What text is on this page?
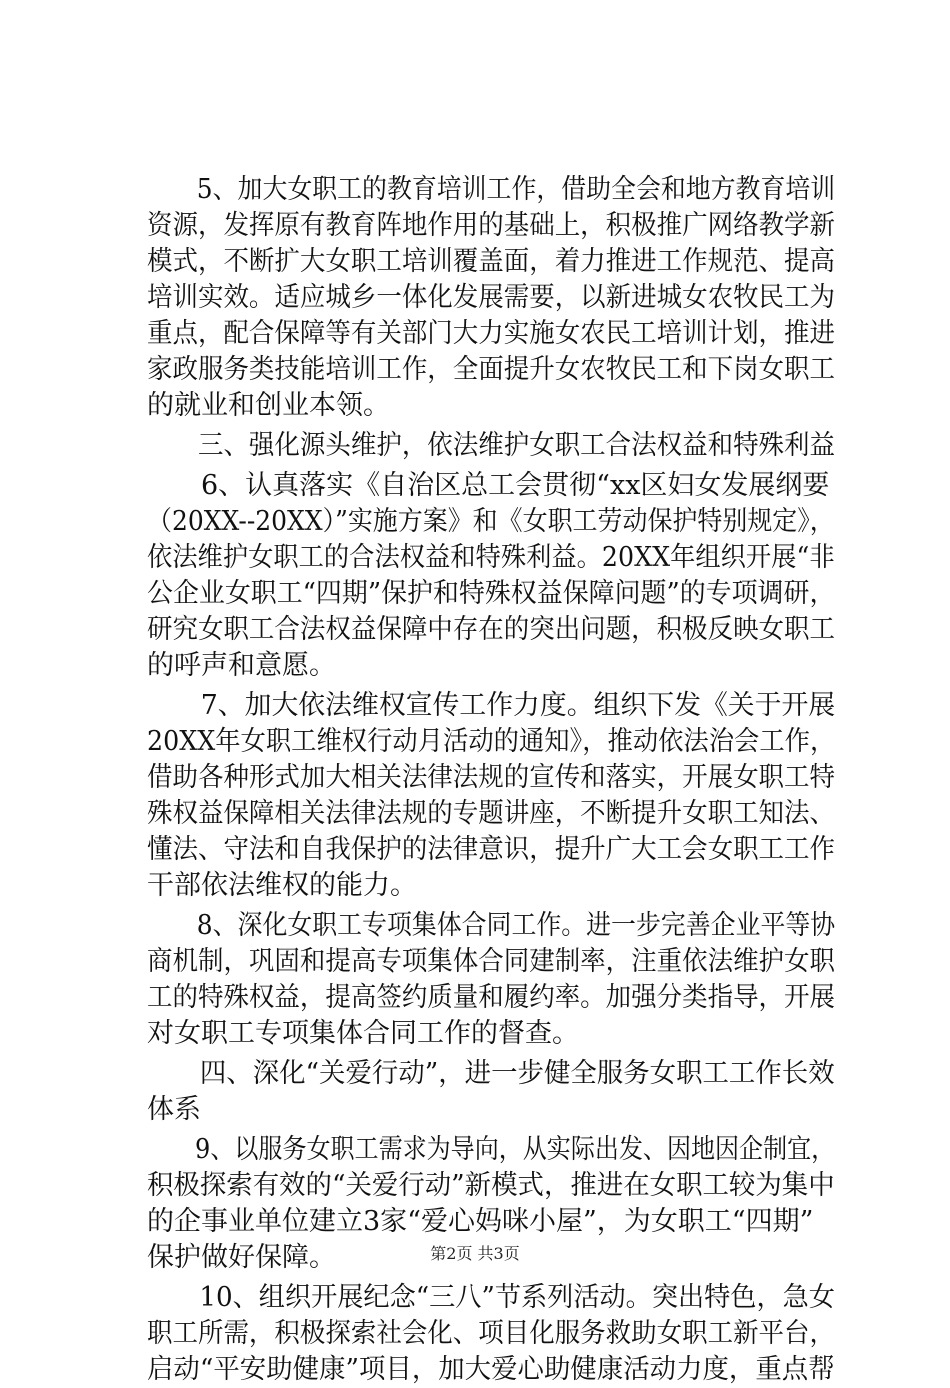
　　5、加大女职工的教育培训工作，借助全会和地方教育培训
资源，发挥原有教育阵地作用的基础上，积极推广网络教学新
模式，不断扩大女职工培训覆盖面，着力推进工作规范、提高
培训实效。适应城乡一体化发展需要，以新进城女农牧民工为
重点，配合保障等有关部门大力实施女农民工培训计划，推进
家政服务类技能培训工作，全面提升女农牧民工和下岗女职工
的就业和创业本领。
　　三、强化源头维护，依法维护女职工合法权益和特殊利益
　　6、认真落实《自治区总工会贯彻“xx区妇女发展纲要
（20XX--20XX）”实施方案》和《女职工劳动保护特别规定》，
依法维护女职工的合法权益和特殊利益。20XX年组织开展“非
公企业女职工“四期”保护和特殊权益保障问题”的专项调研，
研究女职工合法权益保障中存在的突出问题，积极反映女职工
的呼声和意愿。
　　7、加大依法维权宣传工作力度。组织下发《关于开展
20XX年女职工维权行动月活动的通知》，推动依法治会工作，
借助各种形式加大相关法律法规的宣传和落实，开展女职工特
殊权益保障相关法律法规的专题讲座，不断提升女职工知法、
懂法、守法和自我保护的法律意识，提升广大工会女职工工作
干部依法维权的能力。
　　8、深化女职工专项集体合同工作。进一步完善企业平等协
商机制，巩固和提高专项集体合同建制率，注重依法维护女职
工的特殊权益，提高签约质量和履约率。加强分类指导，开展
对女职工专项集体合同工作的督查。
　　四、深化“关爱行动”，进一步健全服务女职工工作长效
体系
　　9、以服务女职工需求为导向，从实际出发、因地因企制宜，
积极探索有效的“关爱行动”新模式，推进在女职工较为集中
的企事业单位建立3家“爱心妈咪小屋”，为女职工“四期”
保护做好保障。
　　10、组织开展纪念“三八”节系列活动。突出特色，急女
职工所需，积极探索社会化、项目化服务救助女职工新平台，
启动“平安助健康”项目，加大爱心助健康活动力度，重点帮
第2页 共3页
